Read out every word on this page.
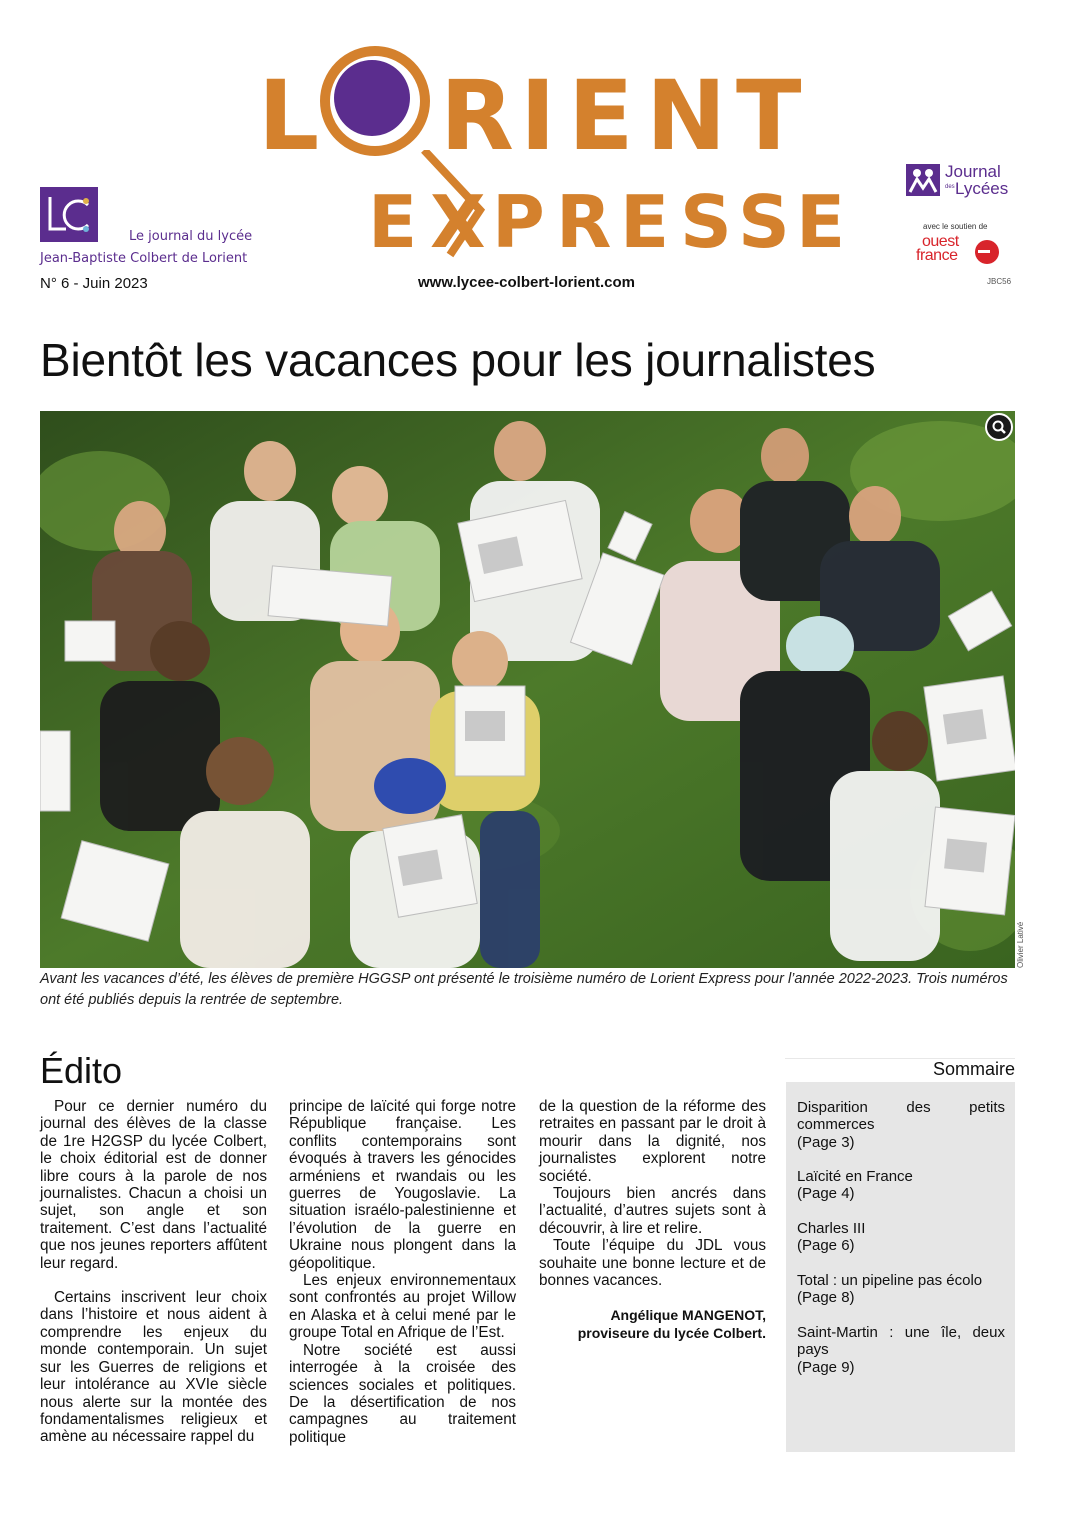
Le journal du lycée
Jean-Baptiste Colbert de Lorient
L R I E N T
E X P R E S S E
N° 6 - Juin 2023	www.lycee-colbert-lorient.com	JBC56
Journal
des Lycées
avec le soutien de
ouest
france
Bientôt les vacances pour les journalistes
Olivier Lativé
Avant les vacances d’été, les élèves de première HGGSP ont présenté le troisième numéro de Lorient Express pour l’année 2022-2023. Trois numéros ont été publiés depuis la rentrée de septembre.
Édito

Pour ce dernier numéro du journal des élèves de la classe de 1re H2GSP du lycée Colbert, le choix éditorial est de donner libre cours à la parole de nos journalistes. Chacun a choisi un sujet, son angle et son traitement. C’est dans l’actualité que nos jeunes reporters affûtent leur regard.

Certains inscrivent leur choix dans l’histoire et nous aident à comprendre les enjeux du monde contemporain. Un sujet sur les Guerres de religions et leur intolérance au XVIe siècle nous alerte sur la montée des fondamentalismes religieux et amène au nécessaire rappel du

principe de laïcité qui forge notre République française. Les conflits contemporains sont évoqués à travers les génocides arméniens et rwandais ou les guerres de Yougoslavie. La situation israélo-palestinienne et l’évolution de la guerre en Ukraine nous plongent dans la géopolitique.

Les enjeux environnementaux sont confrontés au projet Willow en Alaska et à celui mené par le groupe Total en Afrique de l’Est.

Notre société est aussi interrogée à la croisée des sciences sociales et politiques. De la désertification de nos campagnes au traitement politique

de la question de la réforme des retraites en passant par le droit à mourir dans la dignité, nos journalistes explorent notre société.

Toujours bien ancrés dans l’actualité, d’autres sujets sont à découvrir, à lire et relire.

Toute l’équipe du JDL vous souhaite une bonne lecture et de bonnes vacances.

Angélique MANGENOT,
proviseure du lycée Colbert.

Sommaire
Disparition des petits commerces
(Page 3)
Laïcité en France
(Page 4)
Charles III
(Page 6)
Total : un pipeline pas écolo
(Page 8)
Saint-Martin : une île, deux pays
(Page 9)
